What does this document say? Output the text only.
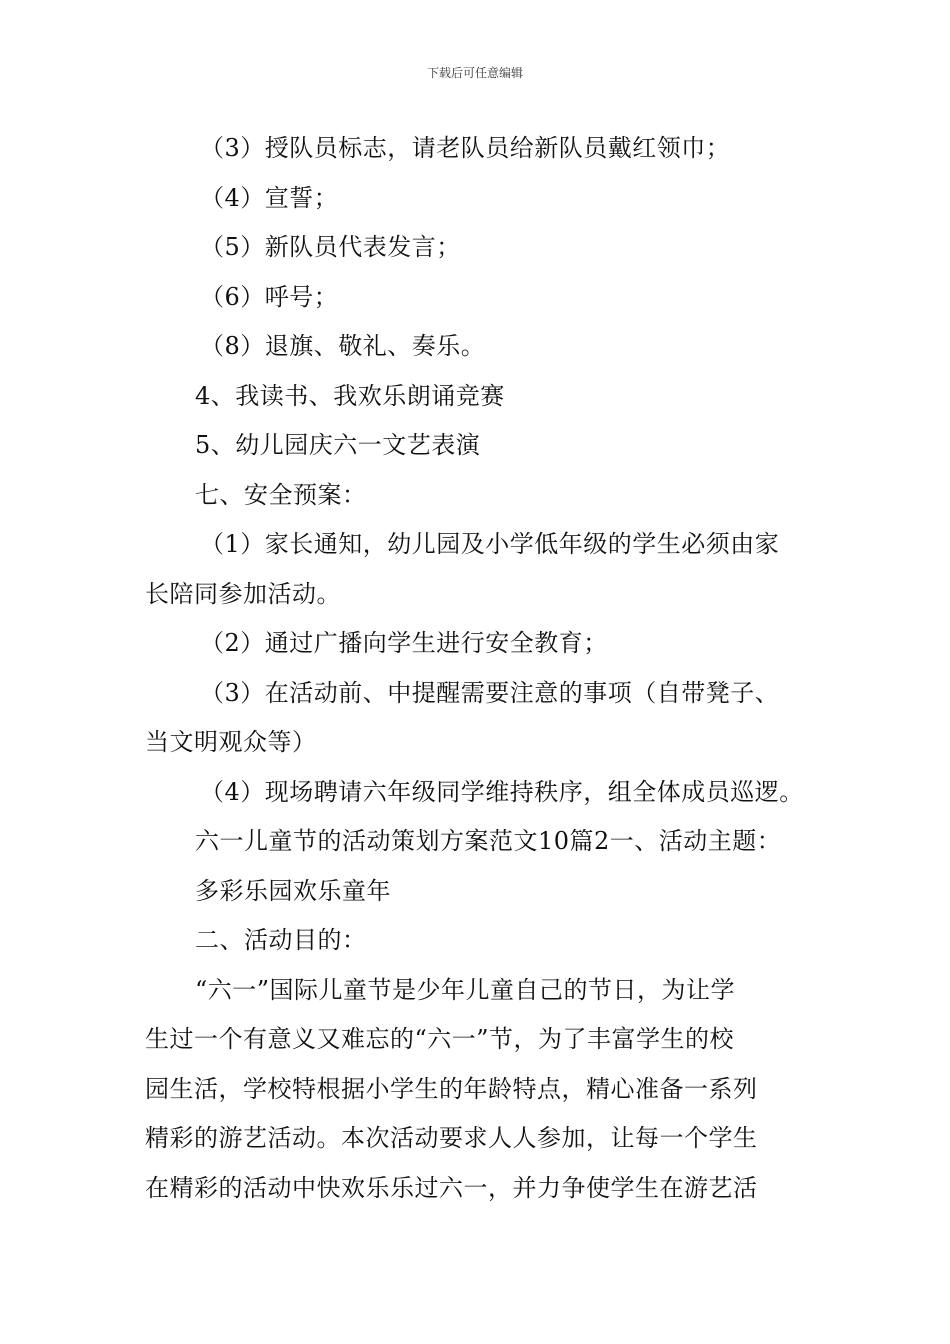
下载后可任意编辑
（3）授队员标志，请老队员给新队员戴红领巾；
（4）宣誓；
（5）新队员代表发言；
（6）呼号；
（8）退旗、敬礼、奏乐。
4、我读书、我欢乐朗诵竞赛
5、幼儿园庆六一文艺表演
七、安全预案：
（1）家长通知，幼儿园及小学低年级的学生必须由家
长陪同参加活动。
（2）通过广播向学生进行安全教育；
（3）在活动前、中提醒需要注意的事项（自带凳子、
当文明观众等）
（4）现场聘请六年级同学维持秩序，组全体成员巡逻。
六一儿童节的活动策划方案范文10篇2一、活动主题：
多彩乐园欢乐童年
二、活动目的：
“六一”国际儿童节是少年儿童自己的节日，为让学
生过一个有意义又难忘的“六一”节，为了丰富学生的校
园生活，学校特根据小学生的年龄特点，精心准备一系列
精彩的游艺活动。本次活动要求人人参加，让每一个学生
在精彩的活动中快欢乐乐过六一，并力争使学生在游艺活
